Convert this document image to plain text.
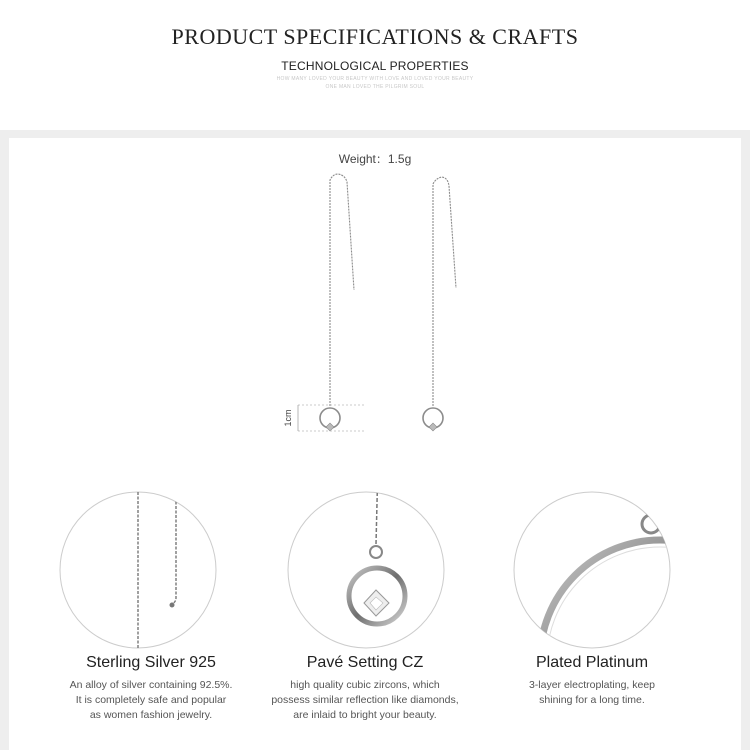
PRODUCT SPECIFICATIONS & CRAFTS
TECHNOLOGICAL PROPERTIES
HOW MANY LOVED YOUR BEAUTY WITH LOVE AND LOVED YOUR BEAUTY
ONE MAN LOVED THE PILGRIM SOUL
Weight：1.5g
1cm
Sterling Silver 925
An alloy of silver containing 92.5%.
It is completely safe and popular
as women fashion jewelry.
Pavé Setting CZ
high quality cubic zircons, which
possess similar reflection like diamonds,
are inlaid to bright your beauty.
Plated Platinum
3-layer electroplating, keep
shining for a long time.
